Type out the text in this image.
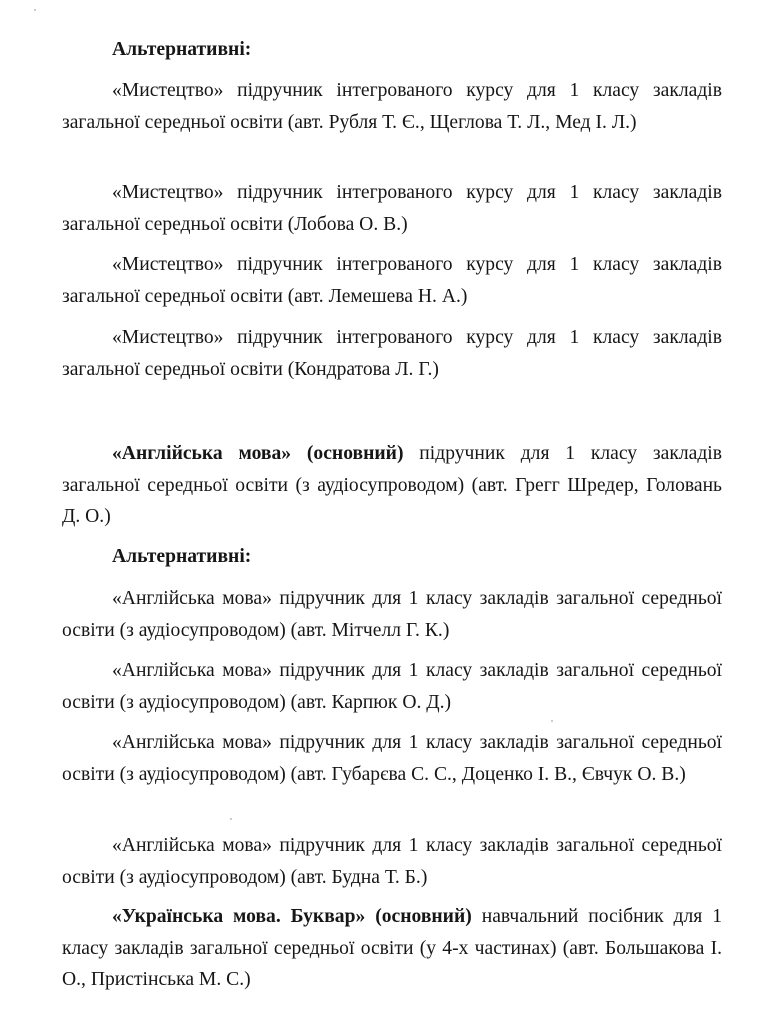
Альтернативні:

«Мистецтво» підручник інтегрованого курсу для 1 класу закладів загальної середньої освіти (авт. Рубля Т. Є., Щеглова Т. Л., Мед І. Л.)

«Мистецтво» підручник інтегрованого курсу для 1 класу закладів загальної середньої освіти (Лобова О. В.)

«Мистецтво» підручник інтегрованого курсу для 1 класу закладів загальної середньої освіти (авт. Лемешева Н. А.)

«Мистецтво» підручник інтегрованого курсу для 1 класу закладів загальної середньої освіти (Кондратова Л. Г.)

«Англійська мова» (основний) підручник для 1 класу закладів загальної середньої освіти (з аудіосупроводом) (авт. Грегг Шредер, Головань Д. О.)

Альтернативні:

«Англійська мова» підручник для 1 класу закладів загальної середньої освіти (з аудіосупроводом) (авт. Мітчелл Г. К.)

«Англійська мова» підручник для 1 класу закладів загальної середньої освіти (з аудіосупроводом) (авт. Карпюк О. Д.)

«Англійська мова» підручник для 1 класу закладів загальної середньої освіти (з аудіосупроводом) (авт. Губарєва С. С., Доценко І. В., Євчук О. В.)

«Англійська мова» підручник для 1 класу закладів загальної середньої освіти (з аудіосупроводом) (авт. Будна Т. Б.)

«Українська мова. Буквар» (основний) навчальний посібник для 1 класу закладів загальної середньої освіти (у 4-х частинах) (авт. Большакова І. О., Пристінська М. С.)
